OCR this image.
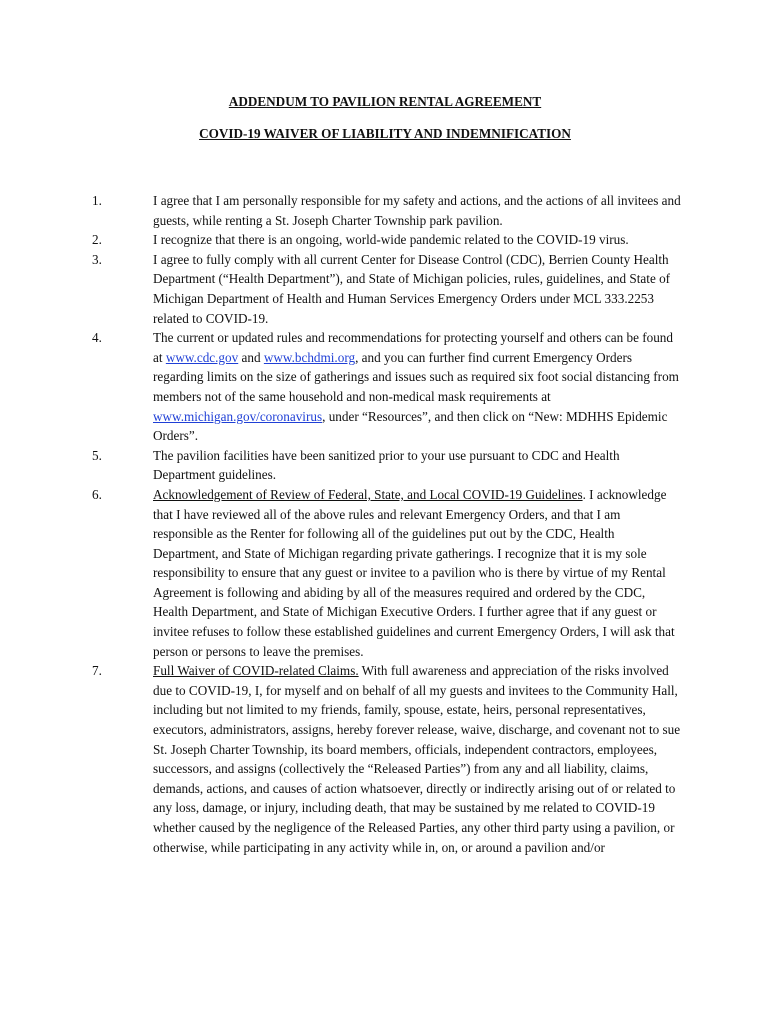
ADDENDUM TO PAVILION RENTAL AGREEMENT
COVID-19 WAIVER OF LIABILITY AND INDEMNIFICATION
1.	I agree that I am personally responsible for my safety and actions, and the actions of all invitees and guests, while renting a St. Joseph Charter Township park pavilion.
2.	I recognize that there is an ongoing, world-wide pandemic related to the COVID-19 virus.
3.	I agree to fully comply with all current Center for Disease Control (CDC), Berrien County Health Department (“Health Department”), and State of Michigan policies, rules, guidelines, and State of Michigan Department of Health and Human Services Emergency Orders under MCL 333.2253 related to COVID-19.
4.	The current or updated rules and recommendations for protecting yourself and others can be found at www.cdc.gov and www.bchdmi.org, and you can further find current Emergency Orders regarding limits on the size of gatherings and issues such as required six foot social distancing from members not of the same household and non-medical mask requirements at www.michigan.gov/coronavirus, under “Resources”, and then click on “New: MDHHS Epidemic Orders”.
5.	The pavilion facilities have been sanitized prior to your use pursuant to CDC and Health Department guidelines.
6.	Acknowledgement of Review of Federal, State, and Local COVID-19 Guidelines. I acknowledge that I have reviewed all of the above rules and relevant Emergency Orders, and that I am responsible as the Renter for following all of the guidelines put out by the CDC, Health Department, and State of Michigan regarding private gatherings. I recognize that it is my sole responsibility to ensure that any guest or invitee to a pavilion who is there by virtue of my Rental Agreement is following and abiding by all of the measures required and ordered by the CDC, Health Department, and State of Michigan Executive Orders. I further agree that if any guest or invitee refuses to follow these established guidelines and current Emergency Orders, I will ask that person or persons to leave the premises.
7.	Full Waiver of COVID-related Claims. With full awareness and appreciation of the risks involved due to COVID-19, I, for myself and on behalf of all my guests and invitees to the Community Hall, including but not limited to my friends, family, spouse, estate, heirs, personal representatives, executors, administrators, assigns, hereby forever release, waive, discharge, and covenant not to sue St. Joseph Charter Township, its board members, officials, independent contractors, employees, successors, and assigns (collectively the “Released Parties”) from any and all liability, claims, demands, actions, and causes of action whatsoever, directly or indirectly arising out of or related to any loss, damage, or injury, including death, that may be sustained by me related to COVID-19 whether caused by the negligence of the Released Parties, any other third party using a pavilion, or otherwise, while participating in any activity while in, on, or around a pavilion and/or
